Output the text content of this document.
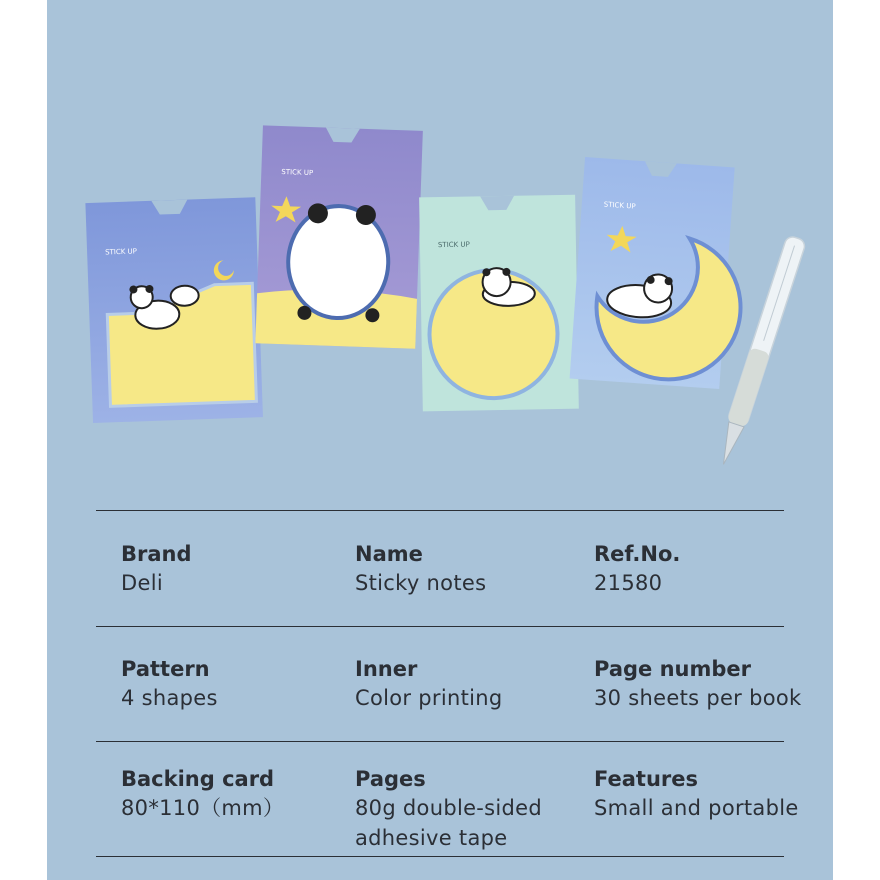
STICK UP
STICK UP
STICK UP
STICK UP
Brand
Deli
Name
Sticky notes
Ref.No.
21580
Pattern
4 shapes
Inner
Color printing
Page number
30 sheets per book
Backing card
80*110（mm）
Pages
80g double-sided adhesive tape
Features
Small and portable
